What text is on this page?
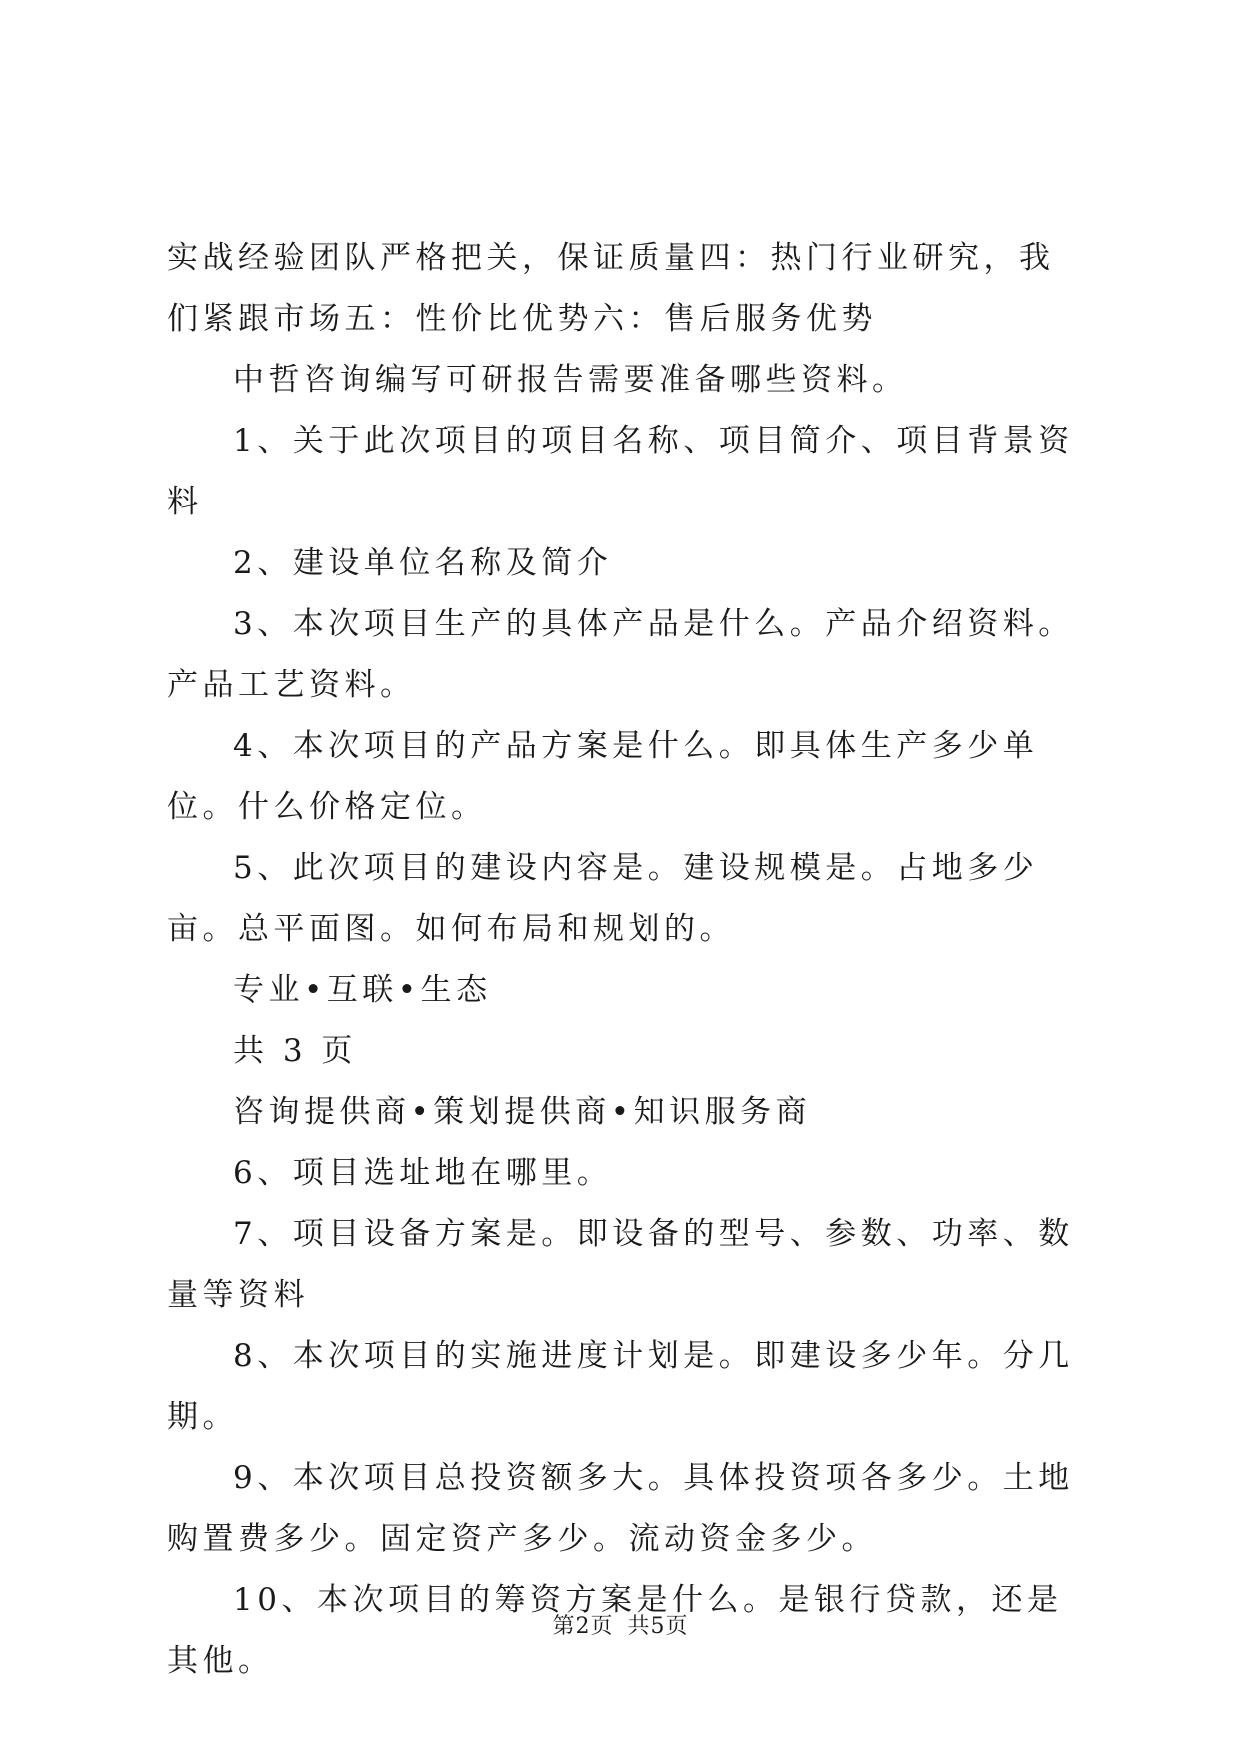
实战经验团队严格把关，保证质量四：热门行业研究，我们紧跟市场五：性价比优势六：售后服务优势

中哲咨询编写可研报告需要准备哪些资料。

1、关于此次项目的项目名称、项目简介、项目背景资料

2、建设单位名称及简介

3、本次项目生产的具体产品是什么。产品介绍资料。产品工艺资料。

4、本次项目的产品方案是什么。即具体生产多少单位。什么价格定位。

5、此次项目的建设内容是。建设规模是。占地多少亩。总平面图。如何布局和规划的。

专业•互联•生态

共 3 页

咨询提供商•策划提供商•知识服务商

6、项目选址地在哪里。

7、项目设备方案是。即设备的型号、参数、功率、数量等资料

8、本次项目的实施进度计划是。即建设多少年。分几期。

9、本次项目总投资额多大。具体投资项各多少。土地购置费多少。固定资产多少。流动资金多少。

10、本次项目的筹资方案是什么。是银行贷款，还是其他。

第2页 共5页
